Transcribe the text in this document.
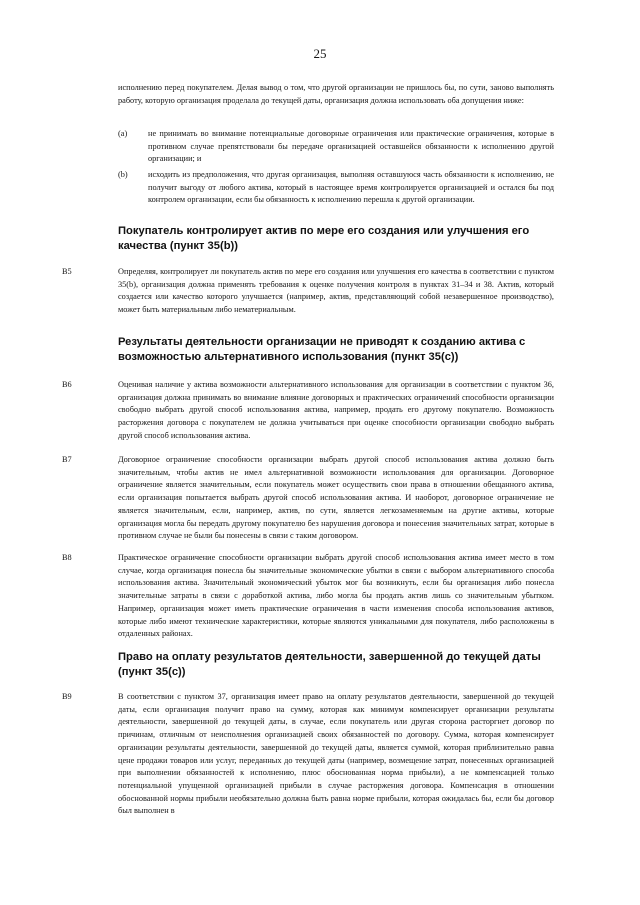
25
исполнению перед покупателем. Делая вывод о том, что другой организации не пришлось бы, по сути, заново выполнять работу, которую организация проделала до текущей даты, организация должна использовать оба допущения ниже:
(a)	не принимать во внимание потенциальные договорные ограничения или практические ограничения, которые в противном случае препятствовали бы передаче организацией оставшейся обязанности к исполнению другой организации; и
(b) исходить из предположения, что другая организация, выполняя оставшуюся часть обязанности к исполнению, не получит выгоду от любого актива, который в настоящее время контролируется организацией и остался бы под контролем организации, если бы обязанность к исполнению перешла к другой организации.
Покупатель контролирует актив по мере его создания или улучшения его качества (пункт 35(b))
B5	Определяя, контролирует ли покупатель актив по мере его создания или улучшения его качества в соответствии с пунктом 35(b), организация должна применять требования к оценке получения контроля в пунктах 31–34 и 38. Актив, который создается или качество которого улучшается (например, актив, представляющий собой незавершенное производство), может быть материальным либо нематериальным.
Результаты деятельности организации не приводят к созданию актива с возможностью альтернативного использования (пункт 35(c))
B6	Оценивая наличие у актива возможности альтернативного использования для организации в соответствии с пунктом 36, организация должна принимать во внимание влияние договорных и практических ограничений способности организации свободно выбрать другой способ использования актива, например, продать его другому покупателю. Возможность расторжения договора с покупателем не должна учитываться при оценке способности организации свободно выбрать другой способ использования актива.
B7	Договорное ограничение способности организации выбрать другой способ использования актива должно быть значительным, чтобы актив не имел альтернативной возможности использования для организации. Договорное ограничение является значительным, если покупатель может осуществить свои права в отношении обещанного актива, если организация попытается выбрать другой способ использования актива. И наоборот, договорное ограничение не является значительным, если, например, актив, по сути, является легкозаменяемым на другие активы, которые организация могла бы передать другому покупателю без нарушения договора и понесения значительных затрат, которые в противном случае не были бы понесены в связи с таким договором.
B8	Практическое ограничение способности организации выбрать другой способ использования актива имеет место в том случае, когда организация понесла бы значительные экономические убытки в связи с выбором альтернативного способа использования актива. Значительный экономический убыток мог бы возникнуть, если бы организация либо понесла значительные затраты в связи с доработкой актива, либо могла бы продать актив лишь со значительным убытком. Например, организация может иметь практические ограничения в части изменения способа использования активов, которые либо имеют технические характеристики, которые являются уникальными для покупателя, либо расположены в отдаленных районах.
Право на оплату результатов деятельности, завершенной до текущей даты (пункт 35(c))
B9	В соответствии с пунктом 37, организация имеет право на оплату результатов деятельности, завершенной до текущей даты, если организация получит право на сумму, которая как минимум компенсирует организации результаты деятельности, завершенной до текущей даты, в случае, если покупатель или другая сторона расторгнет договор по причинам, отличным от неисполнения организацией своих обязанностей по договору. Сумма, которая компенсирует организации результаты деятельности, завершенной до текущей даты, является суммой, которая приблизительно равна цене продажи товаров или услуг, переданных до текущей даты (например, возмещение затрат, понесенных организацией при выполнении обязанностей к исполнению, плюс обоснованная норма прибыли), а не компенсацией только потенциальной упущенной организацией прибыли в случае расторжения договора. Компенсация в отношении обоснованной нормы прибыли необязательно должна быть равна норме прибыли, которая ожидалась бы, если бы договор был выполнен в
